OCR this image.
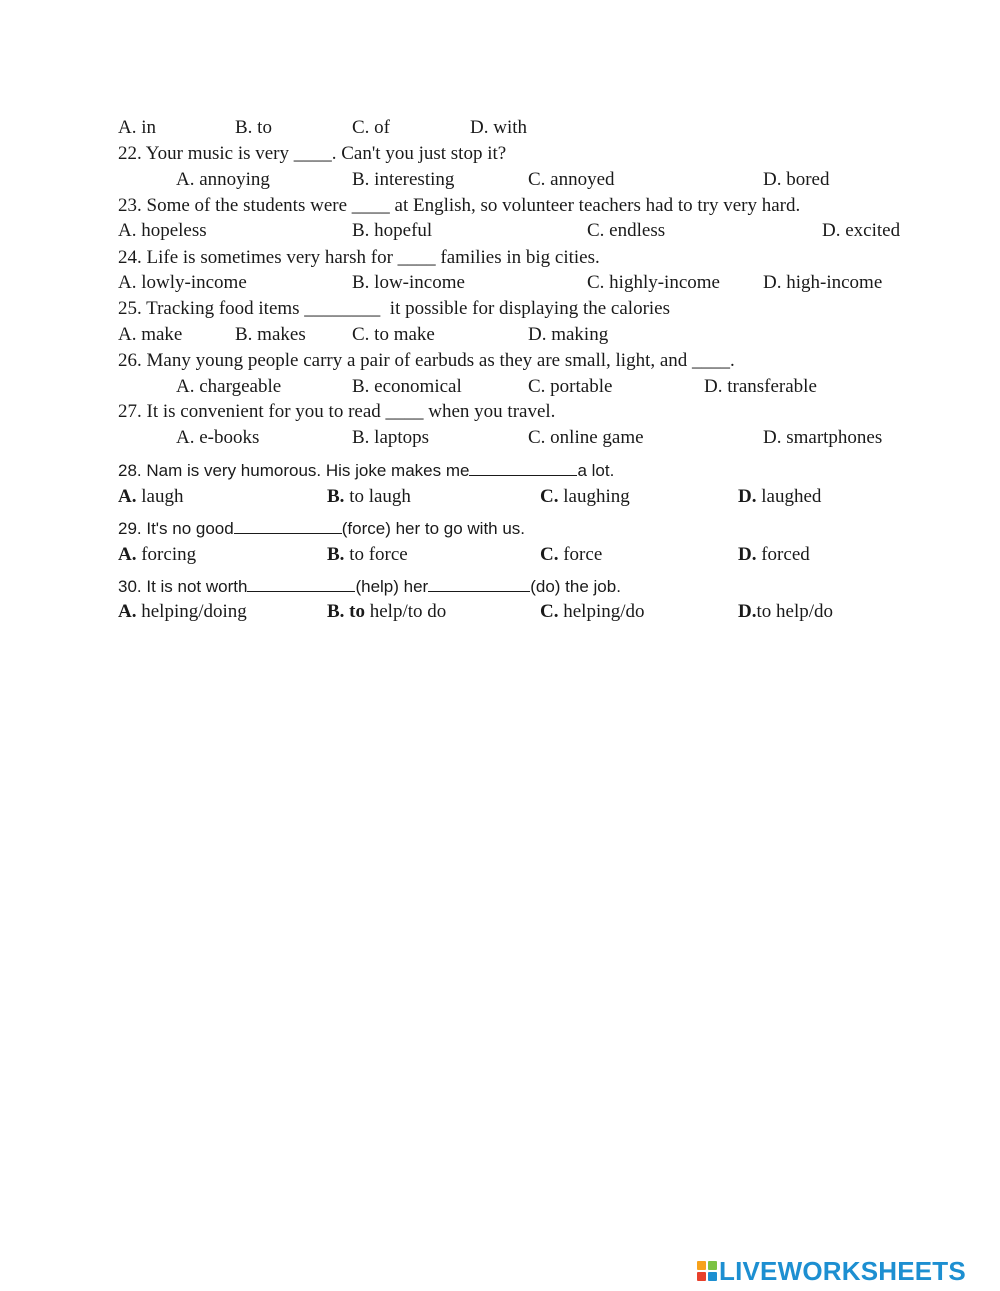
A. in	B. to	C. of	D. with
22. Your music is very ____. Can't you just stop it?
A. annoying	B. interesting	C. annoyed	D. bored
23. Some of the students were ____ at English, so volunteer teachers had to try very hard.
A. hopeless	B. hopeful	C. endless	D. excited
24. Life is sometimes very harsh for ____ families in big cities.
A. lowly-income	B. low-income	C. highly-income D. high-income
25. Tracking food items ________  it possible for displaying the calories
A. make	B. makes C. to make	D. making
26. Many young people carry a pair of earbuds as they are small, light, and ____.
A. chargeable	B. economical	C. portable	D. transferable
27. It is convenient for you to read ____ when you travel.
A. e-books	B. laptops	C. online game	D. smartphones
28. Nam is very humorous. His joke makes me	a lot.
A. laugh	B. to laugh	C. laughing	D. laughed
29. It's no good	(force) her to go with us.
A. forcing	B. to force	C. force	D. forced
30. It is not worth	(help) her	(do) the job.
A. helping/doing	B. to help/to do	C. helping/do	D.to help/do
LIVEWORKSHEETS
